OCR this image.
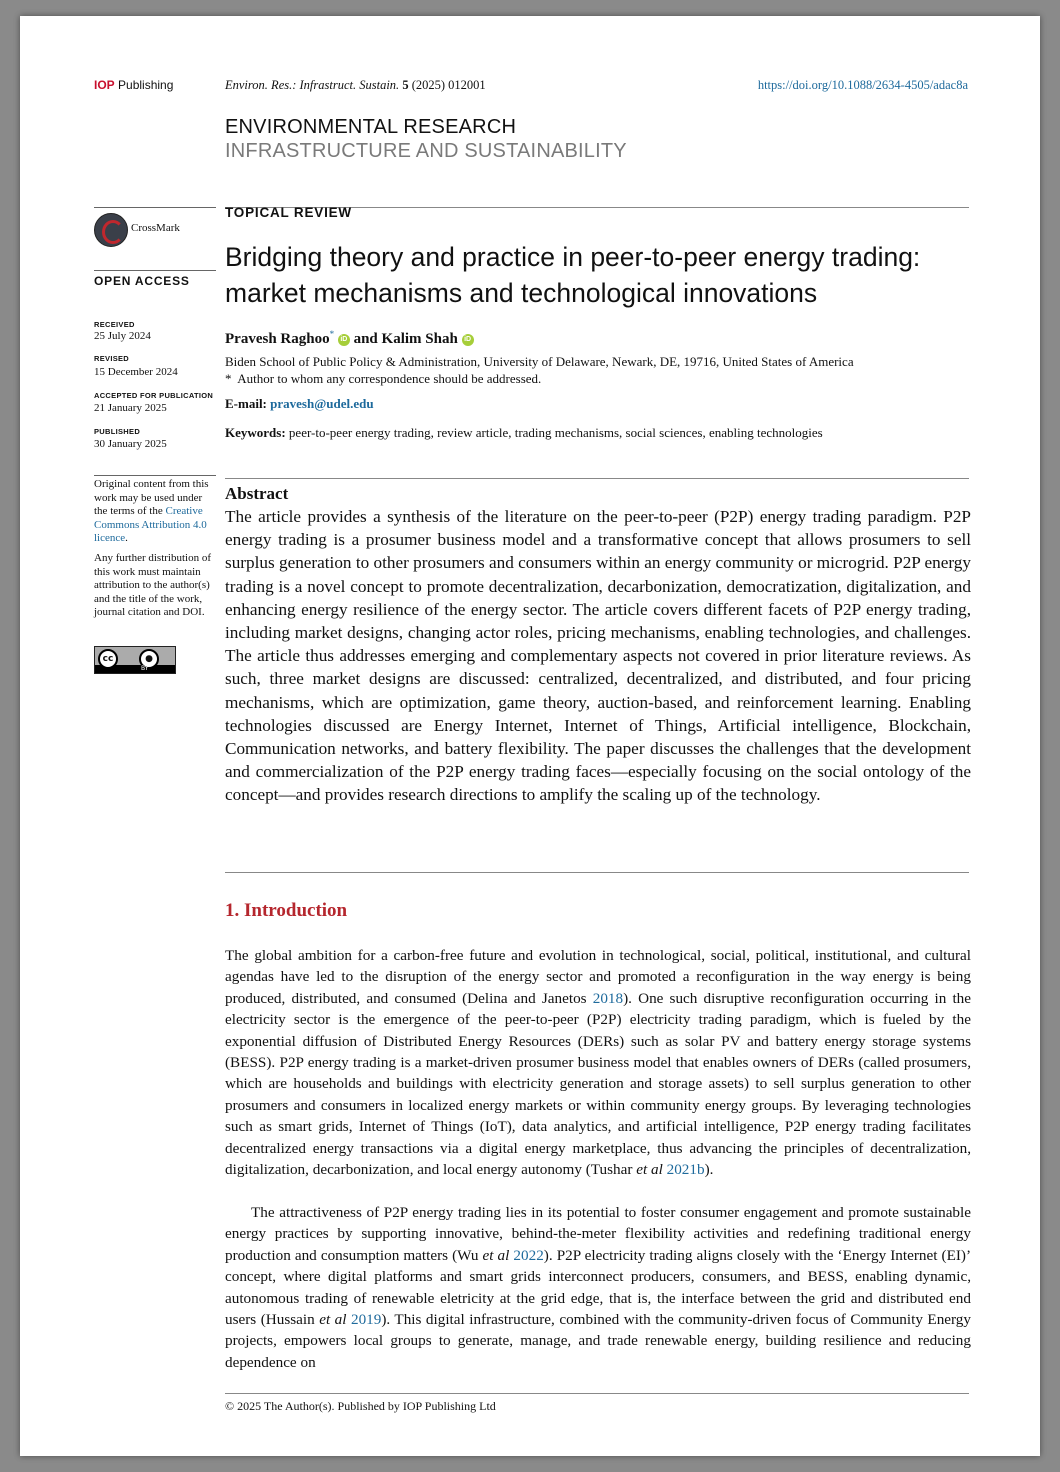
IOP Publishing	Environ. Res.: Infrastruct. Sustain. 5 (2025) 012001	https://doi.org/10.1088/2634-4505/adac8a
ENVIRONMENTAL RESEARCH
INFRASTRUCTURE AND SUSTAINABILITY
CrossMark
OPEN ACCESS
RECEIVED
25 July 2024
REVISED
15 December 2024
ACCEPTED FOR PUBLICATION
21 January 2025
PUBLISHED
30 January 2025

Original content from this work may be used under the terms of the Creative Commons Attribution 4.0 licence.

Any further distribution of this work must maintain attribution to the author(s) and the title of the work, journal citation and DOI.

cc	●
BY
TOPICAL REVIEW
Bridging theory and practice in peer-to-peer energy trading: market mechanisms and technological innovations
Pravesh Raghoo* iD and Kalim Shah iD
Biden School of Public Policy & Administration, University of Delaware, Newark, DE, 19716, United States of America
* Author to whom any correspondence should be addressed.
E-mail: pravesh@udel.edu
Keywords: peer-to-peer energy trading, review article, trading mechanisms, social sciences, enabling technologies
Abstract
The article provides a synthesis of the literature on the peer-to-peer (P2P) energy trading paradigm. P2P energy trading is a prosumer business model and a transformative concept that allows prosumers to sell surplus generation to other prosumers and consumers within an energy community or microgrid. P2P energy trading is a novel concept to promote decentralization, decarbonization, democratization, digitalization, and enhancing energy resilience of the energy sector. The article covers different facets of P2P energy trading, including market designs, changing actor roles, pricing mechanisms, enabling technologies, and challenges. The article thus addresses emerging and complementary aspects not covered in prior literature reviews. As such, three market designs are discussed: centralized, decentralized, and distributed, and four pricing mechanisms, which are optimization, game theory, auction-based, and reinforcement learning. Enabling technologies discussed are Energy Internet, Internet of Things, Artificial intelligence, Blockchain, Communication networks, and battery flexibility. The paper discusses the challenges that the development and commercialization of the P2P energy trading faces—especially focusing on the social ontology of the concept—and provides research directions to amplify the scaling up of the technology.
1. Introduction
The global ambition for a carbon-free future and evolution in technological, social, political, institutional, and cultural agendas have led to the disruption of the energy sector and promoted a reconfiguration in the way energy is being produced, distributed, and consumed (Delina and Janetos 2018). One such disruptive reconfiguration occurring in the electricity sector is the emergence of the peer-to-peer (P2P) electricity trading paradigm, which is fueled by the exponential diffusion of Distributed Energy Resources (DERs) such as solar PV and battery energy storage systems (BESS). P2P energy trading is a market-driven prosumer business model that enables owners of DERs (called prosumers, which are households and buildings with electricity generation and storage assets) to sell surplus generation to other prosumers and consumers in localized energy markets or within community energy groups. By leveraging technologies such as smart grids, Internet of Things (IoT), data analytics, and artificial intelligence, P2P energy trading facilitates decentralized energy transactions via a digital energy marketplace, thus advancing the principles of decentralization, digitalization, decarbonization, and local energy autonomy (Tushar et al 2021b).
The attractiveness of P2P energy trading lies in its potential to foster consumer engagement and promote sustainable energy practices by supporting innovative, behind-the-meter flexibility activities and redefining traditional energy production and consumption matters (Wu et al 2022). P2P electricity trading aligns closely with the ‘Energy Internet (EI)’ concept, where digital platforms and smart grids interconnect producers, consumers, and BESS, enabling dynamic, autonomous trading of renewable eletricity at the grid edge, that is, the interface between the grid and distributed end users (Hussain et al 2019). This digital infrastructure, combined with the community-driven focus of Community Energy projects, empowers local groups to generate, manage, and trade renewable energy, building resilience and reducing dependence on
© 2025 The Author(s). Published by IOP Publishing Ltd
